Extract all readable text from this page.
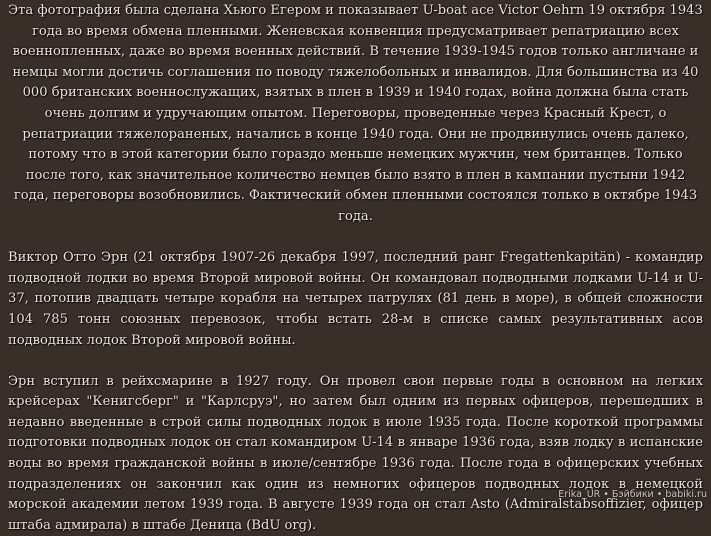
Эта фотография была сделана Хьюго Егером и показывает U-boat ace Victor Oehrn 19 октября 1943 года во время обмена пленными. Женевская конвенция предусматривает репатриацию всех военнопленных, даже во время военных действий. В течение 1939-1945 годов только англичане и немцы могли достичь соглашения по поводу тяжелобольных и инвалидов. Для большинства из 40 000 британских военнослужащих, взятых в плен в 1939 и 1940 годах, война должна была стать очень долгим и удручающим опытом. Переговоры, проведенные через Красный Крест, о репатриации тяжелораненых, начались в конце 1940 года. Они не продвинулись очень далеко, потому что в этой категории было гораздо меньше немецких мужчин, чем британцев. Только после того, как значительное количество немцев было взято в плен в кампании пустыни 1942 года, переговоры возобновились. Фактический обмен пленными состоялся только в октябре 1943 года.

Виктор Отто Эрн (21 октября 1907-26 декабря 1997, последний ранг Fregattenkapitän) - командир подводной лодки во время Второй мировой войны. Он командовал подводными лодками U-14 и U-37, потопив двадцать четыре корабля на четырех патрулях (81 день в море), в общей сложности 104 785 тонн союзных перевозок, чтобы встать 28-м в списке самых результативных асов подводных лодок Второй мировой войны.

Эрн вступил в рейхсмарине в 1927 году. Он провел свои первые годы в основном на легких крейсерах "Кенигсберг" и "Карлсруэ", но затем был одним из первых офицеров, перешедших в недавно введенные в строй силы подводных лодок в июле 1935 года. После короткой программы подготовки подводных лодок он стал командиром U-14 в январе 1936 года, взяв лодку в испанские воды во время гражданской войны в июле/сентябре 1936 года. После года в офицерских учебных подразделениях он закончил как один из немногих офицеров подводных лодок в немецкой морской академии летом 1939 года. В августе 1939 года он стал Asto (Admiralstabsoffizier, офицер штаба адмирала) в штабе Деница (BdU org).

Erika_UR • Бэйбики • babiki.ru
